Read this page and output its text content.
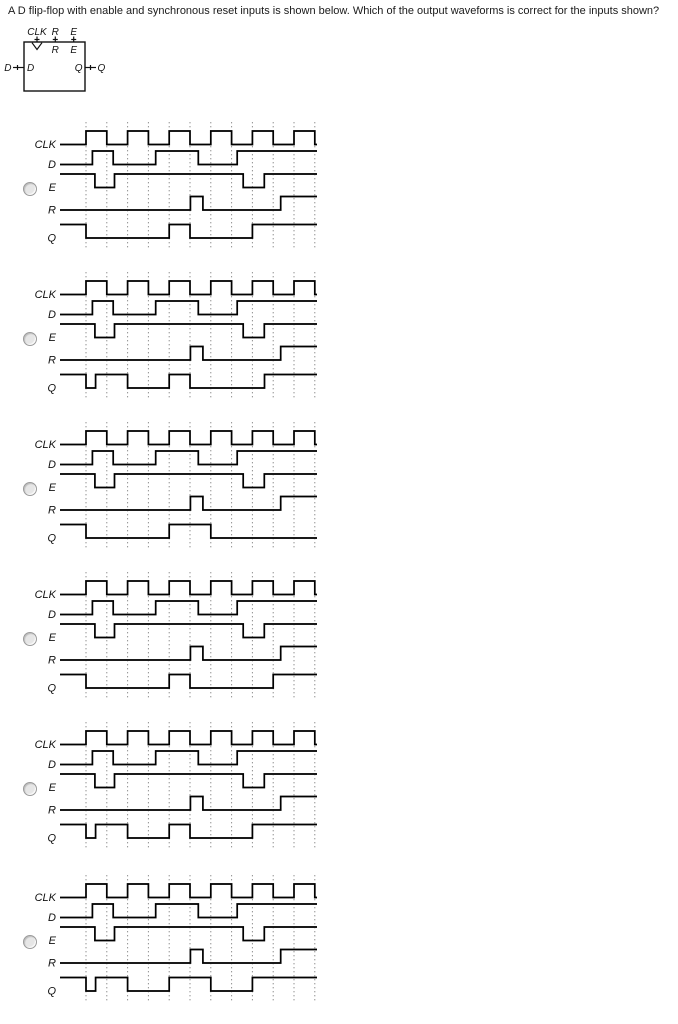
A D flip-flop with enable and synchronous reset inputs is shown below. Which of the output waveforms is correct for the inputs shown?
CLK R E
R E
D	Q
D	Q
CLK
D
E
R
Q
CLK
D
E
R
Q
CLK
D
E
R
Q
CLK
D
E
R
Q
CLK
D
E
R
Q
CLK
D
E
R
Q
